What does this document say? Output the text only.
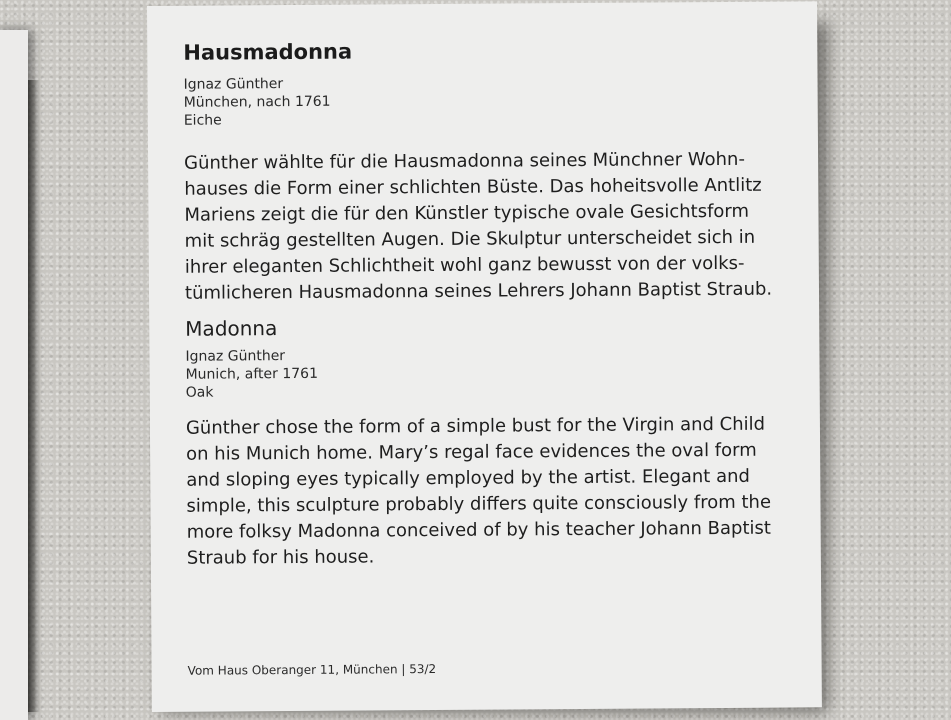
Hausmadonna
Ignaz Günther
München, nach 1761
Eiche
Günther wählte für die Hausmadonna seines Münchner Wohn-
hauses die Form einer schlichten Büste. Das hoheitsvolle Antlitz
Mariens zeigt die für den Künstler typische ovale Gesichtsform
mit schräg gestellten Augen. Die Skulptur unterscheidet sich in
ihrer eleganten Schlichtheit wohl ganz bewusst von der volks-
tümlicheren Hausmadonna seines Lehrers Johann Baptist Straub.
Madonna
Ignaz Günther
Munich, after 1761
Oak
Günther chose the form of a simple bust for the Virgin and Child
on his Munich home. Mary’s regal face evidences the oval form
and sloping eyes typically employed by the artist. Elegant and
simple, this sculpture probably differs quite consciously from the
more folksy Madonna conceived of by his teacher Johann Baptist
Straub for his house.
Vom Haus Oberanger 11, München | 53/2
